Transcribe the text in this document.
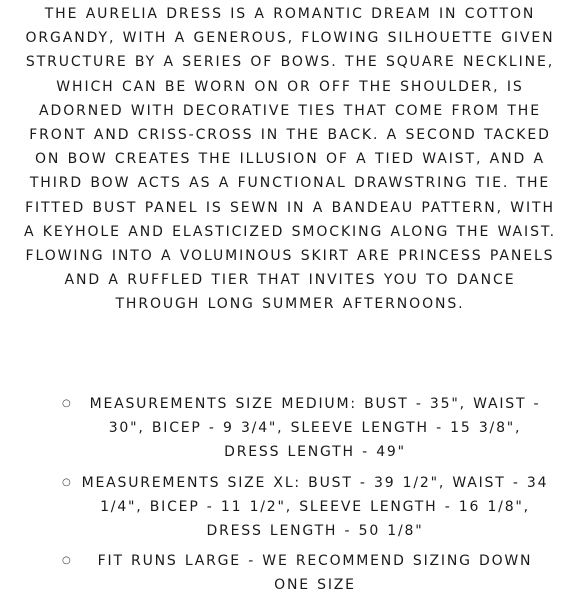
THE AURELIA DRESS IS A ROMANTIC DREAM IN COTTON ORGANDY, WITH A GENEROUS, FLOWING SILHOUETTE GIVEN STRUCTURE BY A SERIES OF BOWS. THE SQUARE NECKLINE, WHICH CAN BE WORN ON OR OFF THE SHOULDER, IS ADORNED WITH DECORATIVE TIES THAT COME FROM THE FRONT AND CRISS-CROSS IN THE BACK. A SECOND TACKED ON BOW CREATES THE ILLUSION OF A TIED WAIST, AND A THIRD BOW ACTS AS A FUNCTIONAL DRAWSTRING TIE. THE FITTED BUST PANEL IS SEWN IN A BANDEAU PATTERN, WITH A KEYHOLE AND ELASTICIZED SMOCKING ALONG THE WAIST. FLOWING INTO A VOLUMINOUS SKIRT ARE PRINCESS PANELS AND A RUFFLED TIER THAT INVITES YOU TO DANCE THROUGH LONG SUMMER AFTERNOONS.

○	MEASUREMENTS SIZE MEDIUM: BUST - 35", WAIST - 30", BICEP - 9 3/4", SLEEVE LENGTH - 15 3/8", DRESS LENGTH - 49"
○ MEASUREMENTS SIZE XL: BUST - 39 1/2", WAIST - 34 1/4", BICEP - 11 1/2", SLEEVE LENGTH - 16 1/8", DRESS LENGTH - 50 1/8"
○	FIT RUNS LARGE - WE RECOMMEND SIZING DOWN ONE SIZE
